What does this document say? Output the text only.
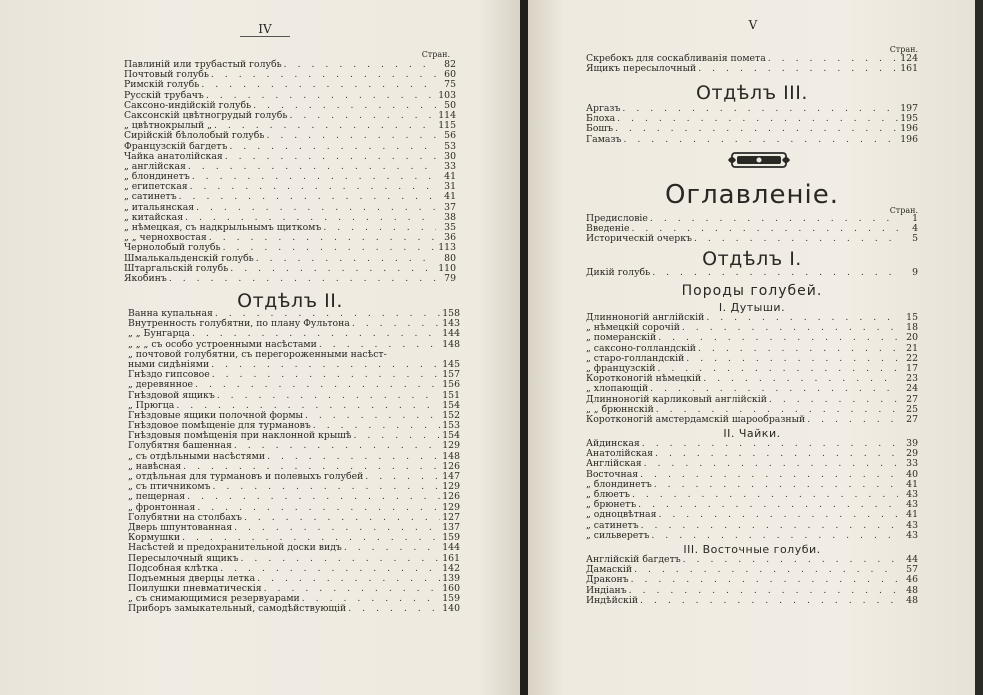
IV
Стран.
Павлиній или трубастый голубь . . .	82
Почтовый голубь . . .	60
Римскій голубь . . .	75
Русскій трубачъ . . .	103
Саксоно-индійскій голубь . . .	50
Саксонскій цвѣтногрудый голубь . . .	114
„ цвѣтнокрылый „ . . .	115
Сирійскій бѣлолобый голубь . . .	56
Французскій багдетъ . . .	53
Чайка анатолійская . . .	30
„ англійская . . .	33
„ блондинетъ . . .	41
„ египетская . . .	31
„ сатинетъ . . .	41
„ итальянская . . .	37
„ китайская . . .	38
„ нѣмецкая, съ надкрыльнымъ щиткомъ . . .	35
„ „ чернохвостая . . .	36
Чернолобый голубь . . .	113
Шмалькальденскій голубь . . .	80
Штаргальскій голубь . . .	110
Якобинъ . . .	79
Отдѣлъ II.
Ванна купальная . . .	158
Внутренность голубятни, по плану Фультона . . .	143
„ „ Бунгарца . . .	144
„ „ „ съ особо устроенными насѣстами . . .	148
„ почтовой голубятни, съ перегороженными насѣст-
ными сидѣніями . . .	145
Гнѣздо гипсовое . . .	157
„ деревянное . . .	156
Гнѣздовой ящикъ . . .	151
„ Прюгца . . .	154
Гнѣздовые ящики полочной формы . . .	152
Гнѣздовое помѣщеніе для турмановъ . . .	153
Гнѣздовыя помѣщенія при наклонной крышѣ . . .	154
Голубятня башенная . . .	129
„ съ отдѣльными насѣстями . . .	148
„ навѣсная . . .	126
„ отдѣльная для турмановъ и полевыхъ голубей . . .	147
„ съ птичникомъ . . .	129
„ пещерная . . .	126
„ фронтонная . . .	129
Голубятни на столбахъ . . .	127
Дверь шпунтованная . . .	137
Кормушки . . .	159
Насѣстей и предохранительной доски видъ . . .	144
Пересылочный ящикъ . . .	161
Подсобная клѣтка . . .	142
Подъемныя дверцы летка . . .	139
Поилушки пневматическія . . .	160
„ съ снимающимися резервуарами . . .	159
Приборъ замыкательный, самодѣйствующій . . .	140
V
Стран.
Скребокъ для соскабливанія помета . . .	124
Ящикъ пересылочный . . .	161
Отдѣлъ III.
Аргазъ . . .	197
Блоха . . .	195
Бошъ . . .	196
Гамазъ . . .	196
Оглавленіе.
Стран.
Предисловіе . . .	1
Введеніе . . .	4
Историческій очеркъ . . .	5
Отдѣлъ I.
Дикій голубь . . .	9
Породы голубей.
I. Дутыши.
Длинноногій англійскій . . .	15
„ нѣмецкій сорочій . . .	18
„ померанскій . . .	20
„ саксоно-голландскій . . .	21
„ старо-голландскій . . .	22
„ французскій . . .	17
Коротконогій нѣмецкій . . .	23
„ хлопающій . . .	24
Длинноногій карликовый англійскій . . .	27
„ „ брюннскій . . .	25
Коротконогій амстердамскій шарообразный . . .	27
II. Чайки.
Айдинская . . .	39
Анатолійская . . .	29
Англійская . . .	33
Восточная . . .	40
„ блондинетъ . . .	41
„ блюетъ . . .	43
„ брюнетъ . . .	43
„ одноцвѣтная . . .	41
„ сатинетъ . . .	43
„ сильверетъ . . .	43
III. Восточные голуби.
Англійскій багдетъ . . .	44
Дамаскій . . .	57
Драконъ . . .	46
Индіанъ . . .	48
Индѣйскій . . .	48
